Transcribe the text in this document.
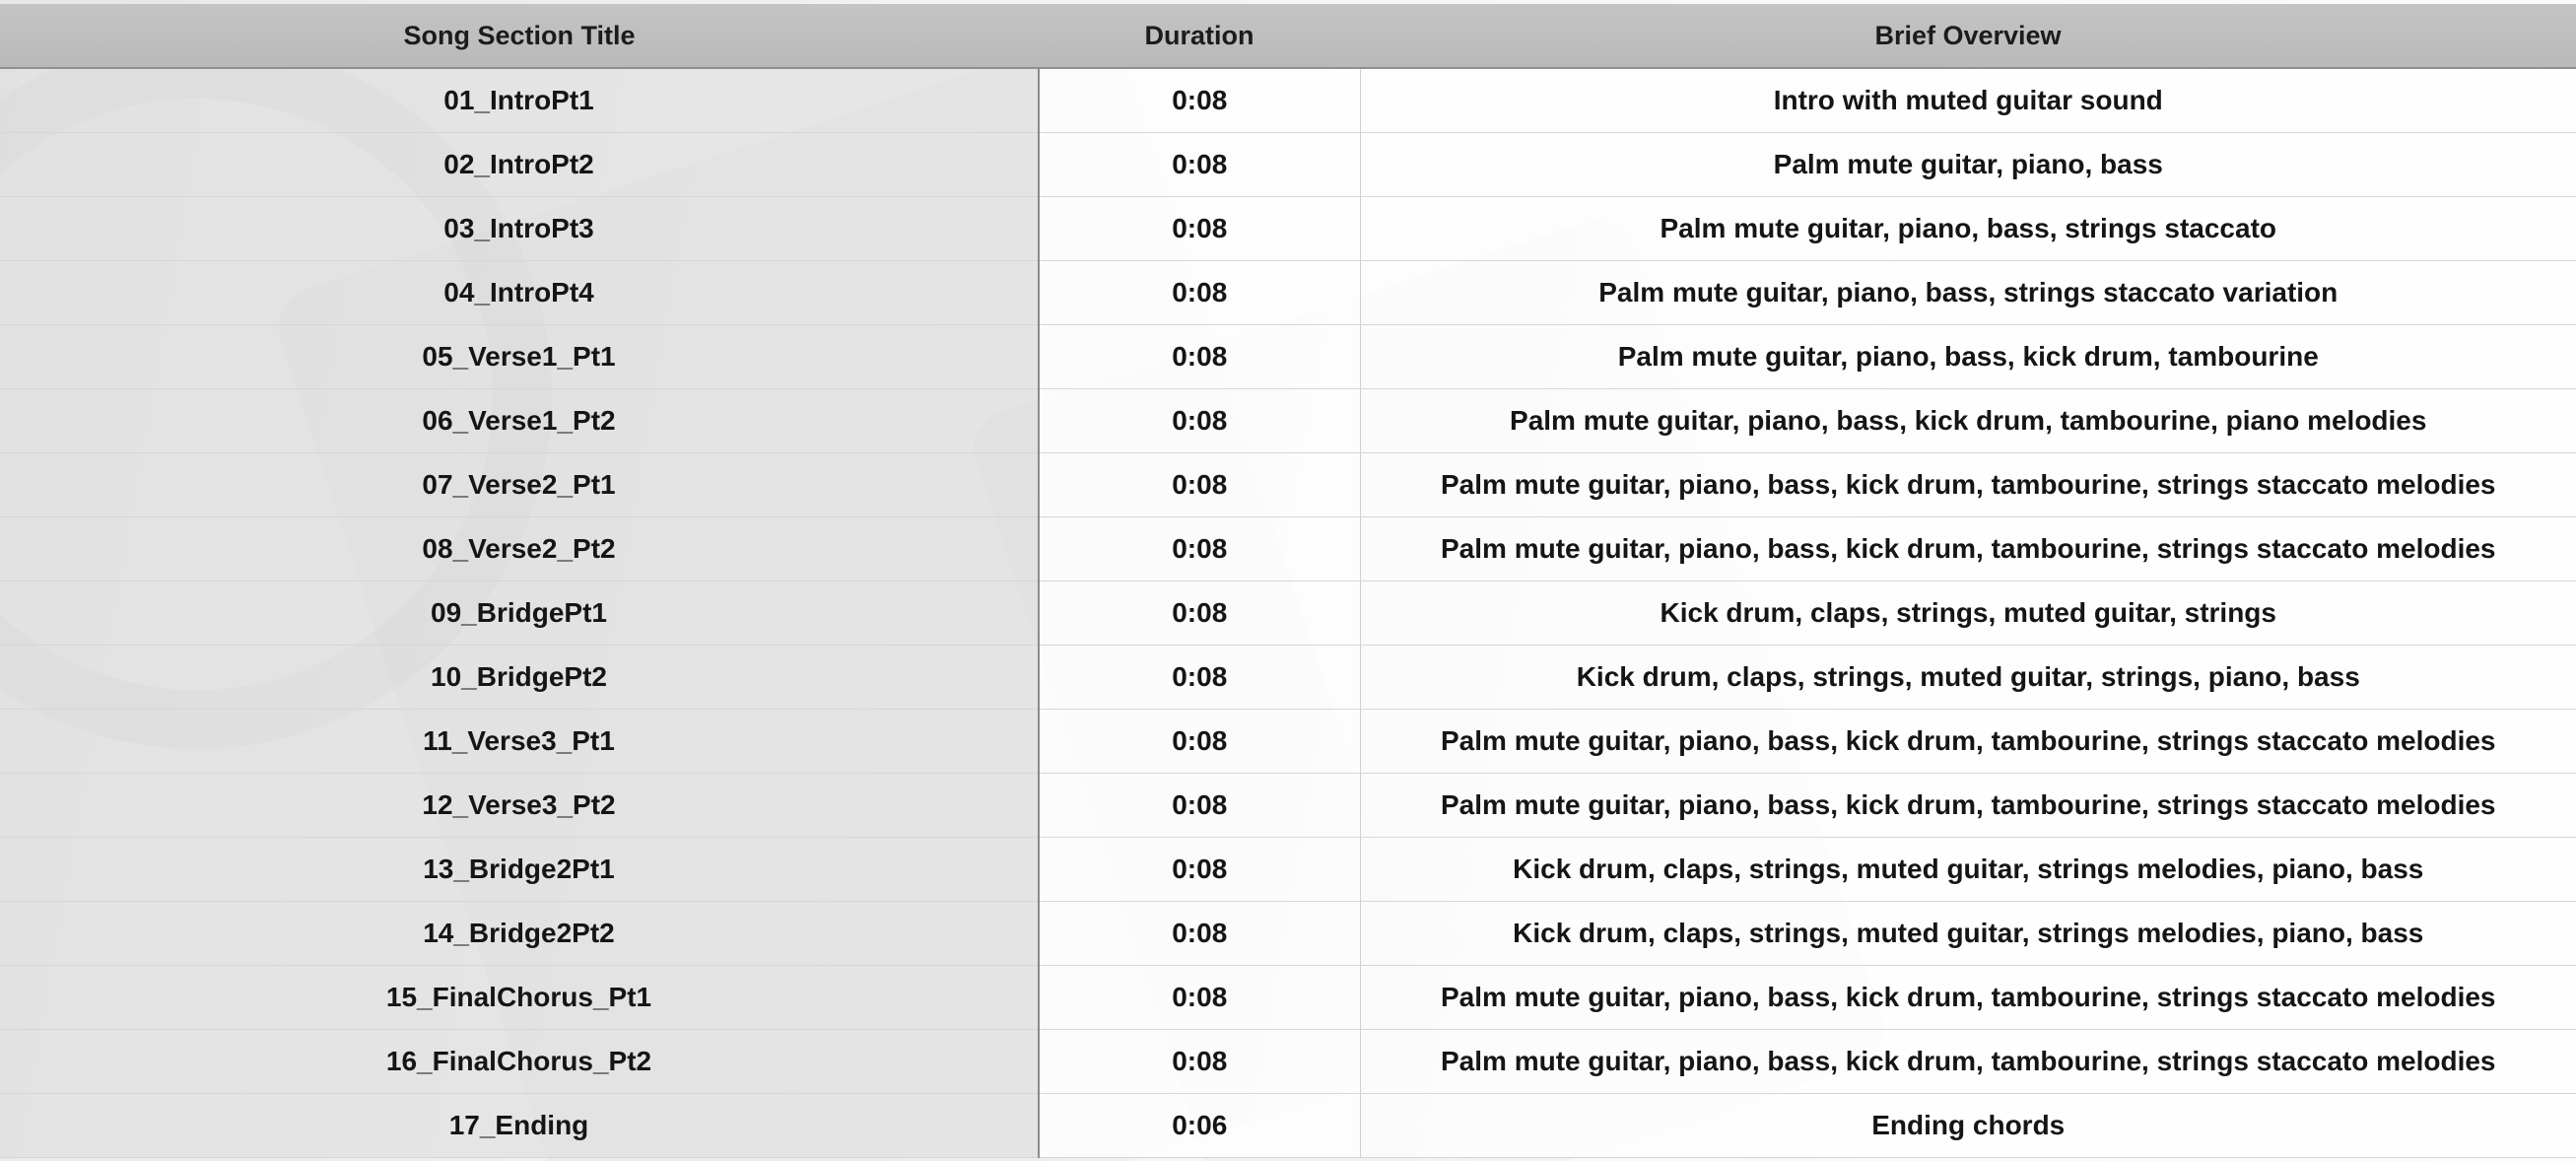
Song Section Title	Duration	Brief Overview
01_IntroPt1	0:08	Intro with muted guitar sound
02_IntroPt2	0:08	Palm mute guitar, piano, bass
03_IntroPt3	0:08	Palm mute guitar, piano, bass, strings staccato
04_IntroPt4	0:08	Palm mute guitar, piano, bass, strings staccato variation
05_Verse1_Pt1	0:08	Palm mute guitar, piano, bass, kick drum, tambourine
06_Verse1_Pt2	0:08	Palm mute guitar, piano, bass, kick drum, tambourine, piano melodies
07_Verse2_Pt1	0:08	Palm mute guitar, piano, bass, kick drum, tambourine, strings staccato melodies
08_Verse2_Pt2	0:08	Palm mute guitar, piano, bass, kick drum, tambourine, strings staccato melodies
09_BridgePt1	0:08	Kick drum, claps, strings, muted guitar, strings
10_BridgePt2	0:08	Kick drum, claps, strings, muted guitar, strings, piano, bass
11_Verse3_Pt1	0:08	Palm mute guitar, piano, bass, kick drum, tambourine, strings staccato melodies
12_Verse3_Pt2	0:08	Palm mute guitar, piano, bass, kick drum, tambourine, strings staccato melodies
13_Bridge2Pt1	0:08	Kick drum, claps, strings, muted guitar, strings melodies, piano, bass
14_Bridge2Pt2	0:08	Kick drum, claps, strings, muted guitar, strings melodies, piano, bass
15_FinalChorus_Pt1	0:08	Palm mute guitar, piano, bass, kick drum, tambourine, strings staccato melodies
16_FinalChorus_Pt2	0:08	Palm mute guitar, piano, bass, kick drum, tambourine, strings staccato melodies
17_Ending	0:06	Ending chords
